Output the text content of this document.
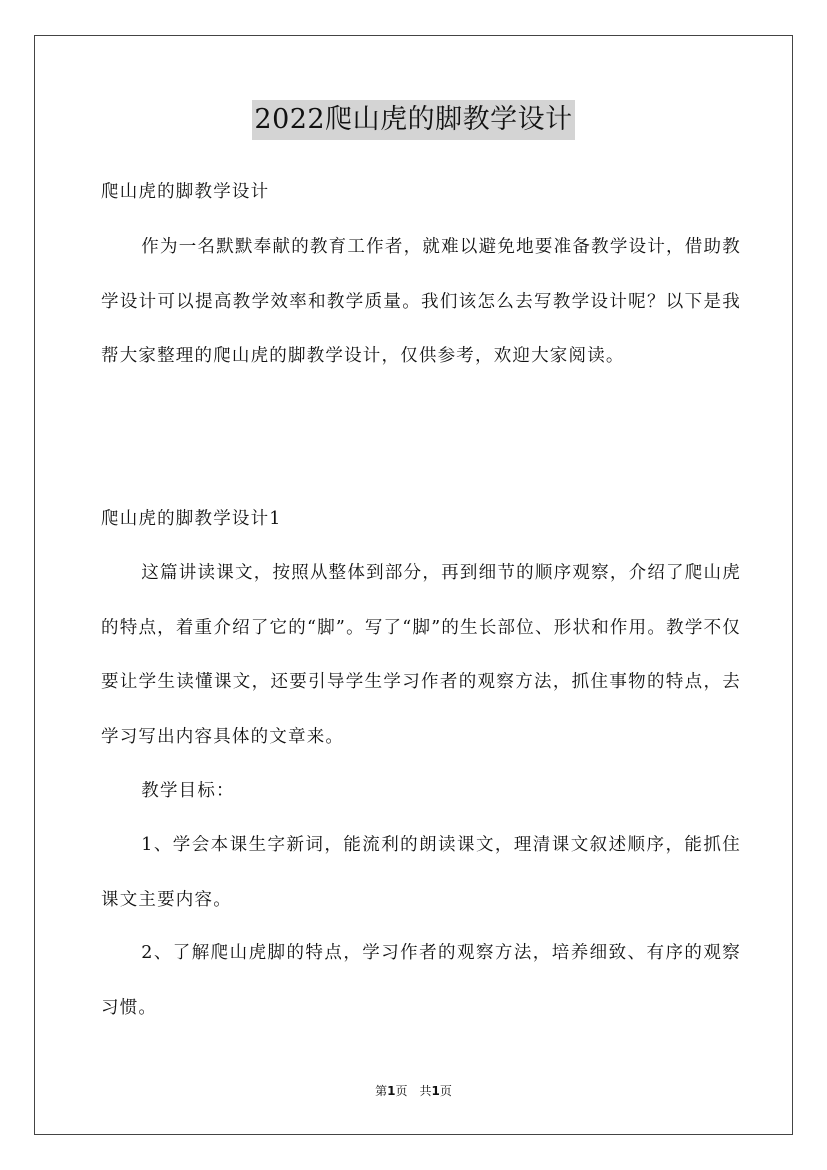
2022爬山虎的脚教学设计

爬山虎的脚教学设计

作为一名默默奉献的教育工作者，就难以避免地要准备教学设计，借助教学设计可以提高教学效率和教学质量。我们该怎么去写教学设计呢？以下是我帮大家整理的爬山虎的脚教学设计，仅供参考，欢迎大家阅读。

爬山虎的脚教学设计1

这篇讲读课文，按照从整体到部分，再到细节的顺序观察，介绍了爬山虎的特点，着重介绍了它的“脚”。写了“脚”的生长部位、形状和作用。教学不仅要让学生读懂课文，还要引导学生学习作者的观察方法，抓住事物的特点，去学习写出内容具体的文章来。

教学目标：

1、学会本课生字新词，能流利的朗读课文，理清课文叙述顺序，能抓住课文主要内容。

2、了解爬山虎脚的特点，学习作者的观察方法，培养细致、有序的观察习惯。

第1页 共1页
